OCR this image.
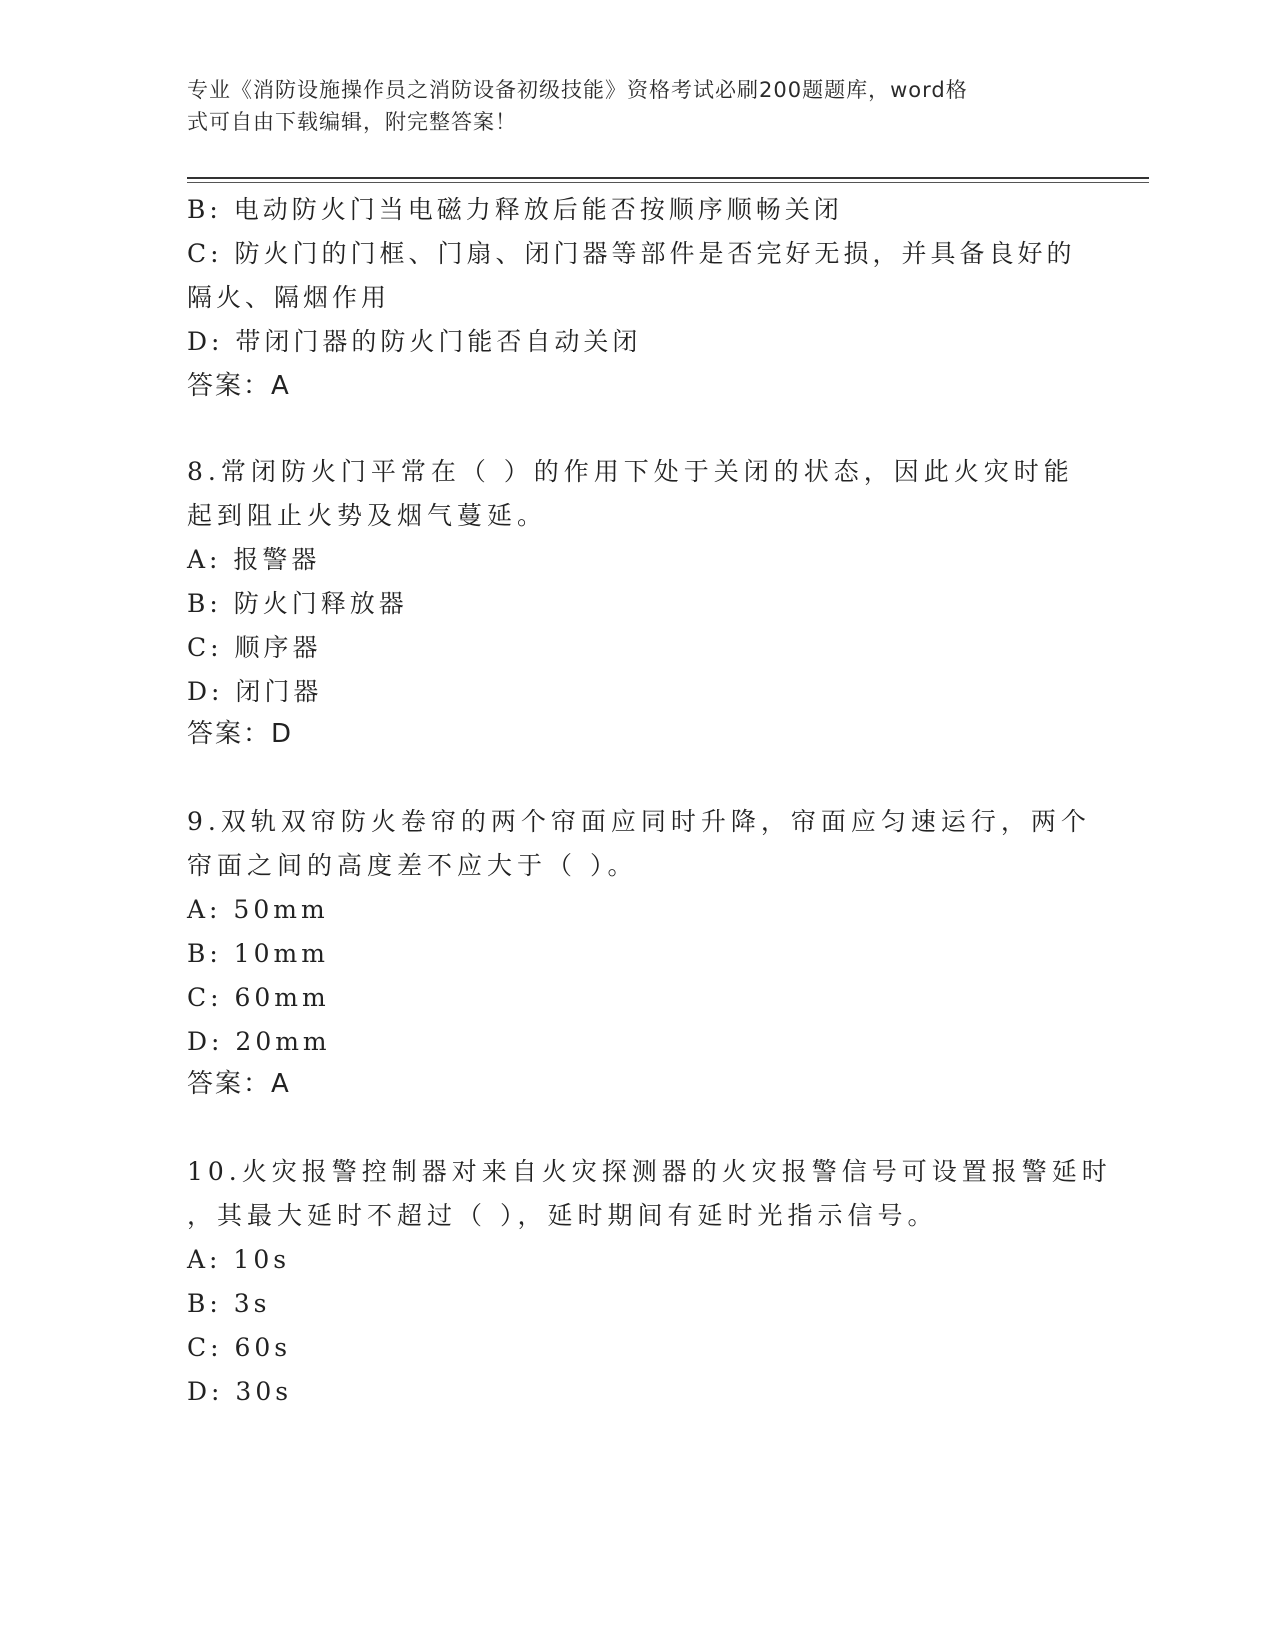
专业《消防设施操作员之消防设备初级技能》资格考试必刷200题题库，word格
式可自由下载编辑，附完整答案！
B: 电动防火门当电磁力释放后能否按顺序顺畅关闭
C: 防火门的门框、门扇、闭门器等部件是否完好无损，并具备良好的
隔火、隔烟作用
D: 带闭门器的防火门能否自动关闭
答案：A
8.常闭防火门平常在（ ）的作用下处于关闭的状态，因此火灾时能
起到阻止火势及烟气蔓延。
A: 报警器
B: 防火门释放器
C: 顺序器
D: 闭门器
答案：D
9.双轨双帘防火卷帘的两个帘面应同时升降，帘面应匀速运行，两个
帘面之间的高度差不应大于（ ）。
A: 50mm
B: 10mm
C: 60mm
D: 20mm
答案：A
10.火灾报警控制器对来自火灾探测器的火灾报警信号可设置报警延时
，其最大延时不超过（ ），延时期间有延时光指示信号。
A: 10s
B: 3s
C: 60s
D: 30s
